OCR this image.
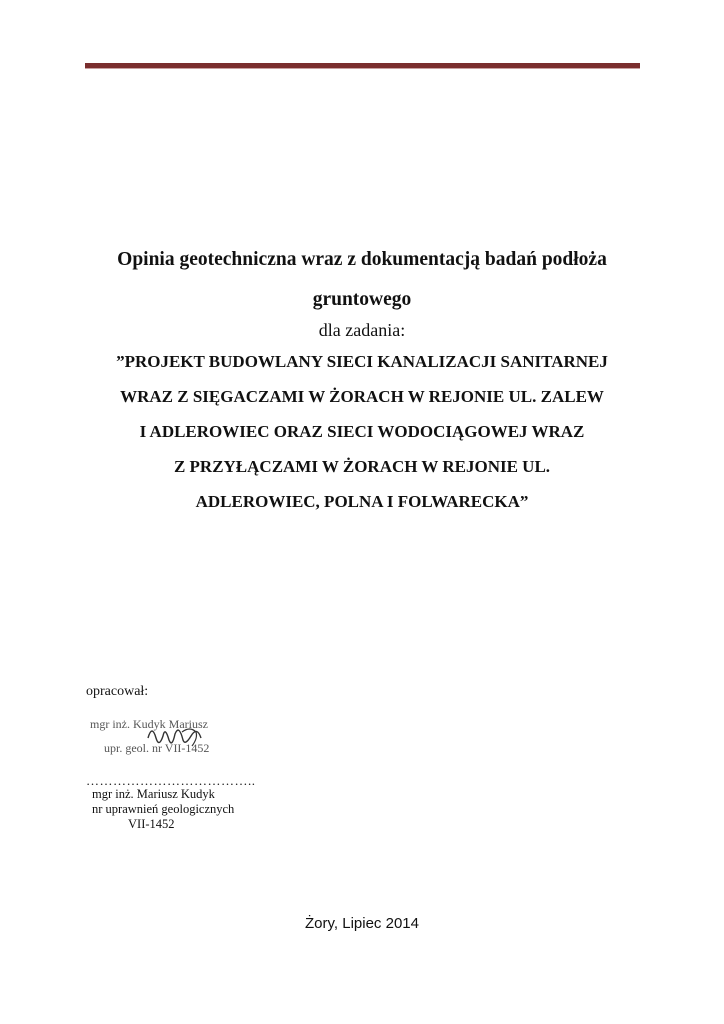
Opinia geotechniczna wraz z dokumentacją badań podłoża
gruntowego
dla zadania:
”PROJEKT BUDOWLANY SIECI KANALIZACJI SANITARNEJ
WRAZ Z SIĘGACZAMI W ŻORACH W REJONIE UL. ZALEW
I ADLEROWIEC ORAZ SIECI WODOCIĄGOWEJ WRAZ
Z PRZYŁĄCZAMI W ŻORACH W REJONIE UL.
ADLEROWIEC, POLNA I FOLWARECKA”
opracował:
mgr inż. Kudyk Mariusz
upr. geol. nr VII-1452
………………………………..
mgr inż. Mariusz Kudyk
nr uprawnień geologicznych
VII-1452
Żory, Lipiec 2014
